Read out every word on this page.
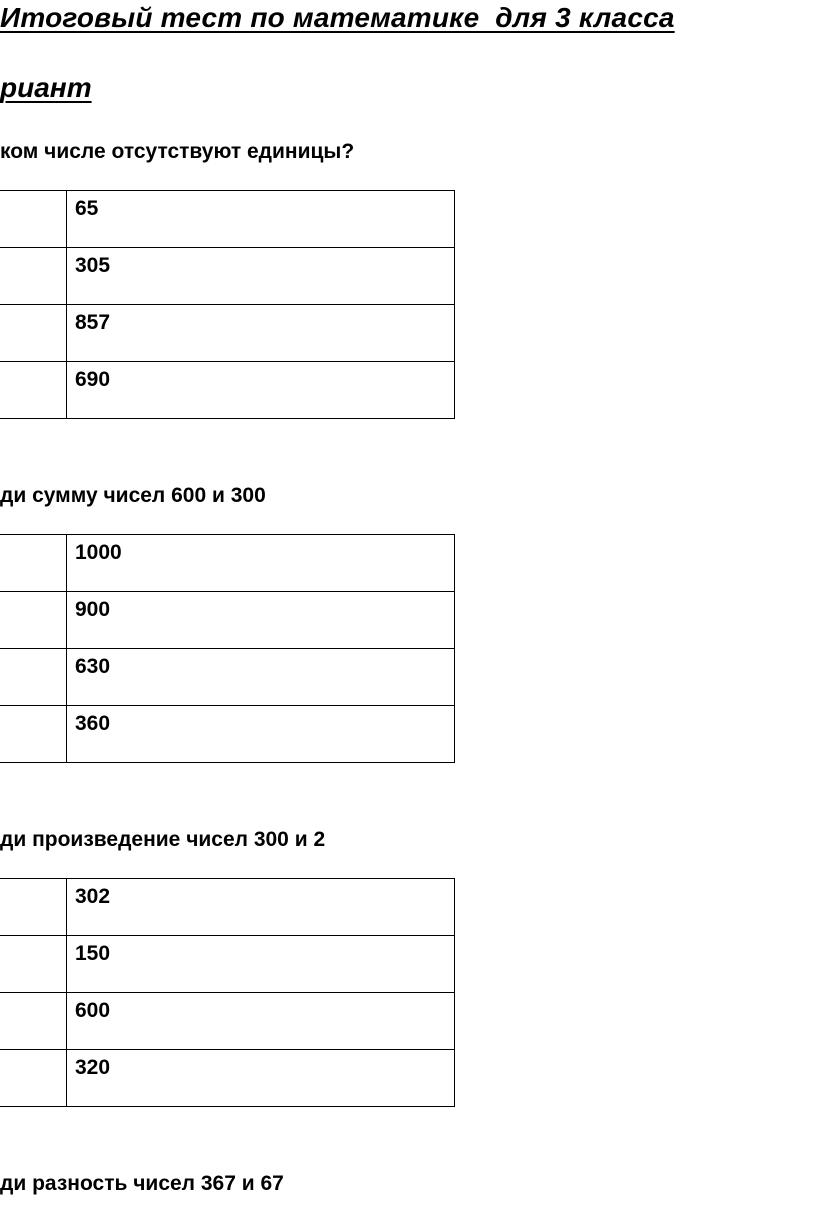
Итоговый тест по математике  для 3 класса
риант
ком числе отсутствуют единицы?
	65
	305
	857
	690
ди сумму чисел 600 и 300
	1000
	900
	630
	360
ди произведение чисел 300 и 2
	302
	150
	600
	320
ди разность чисел 367 и 67
